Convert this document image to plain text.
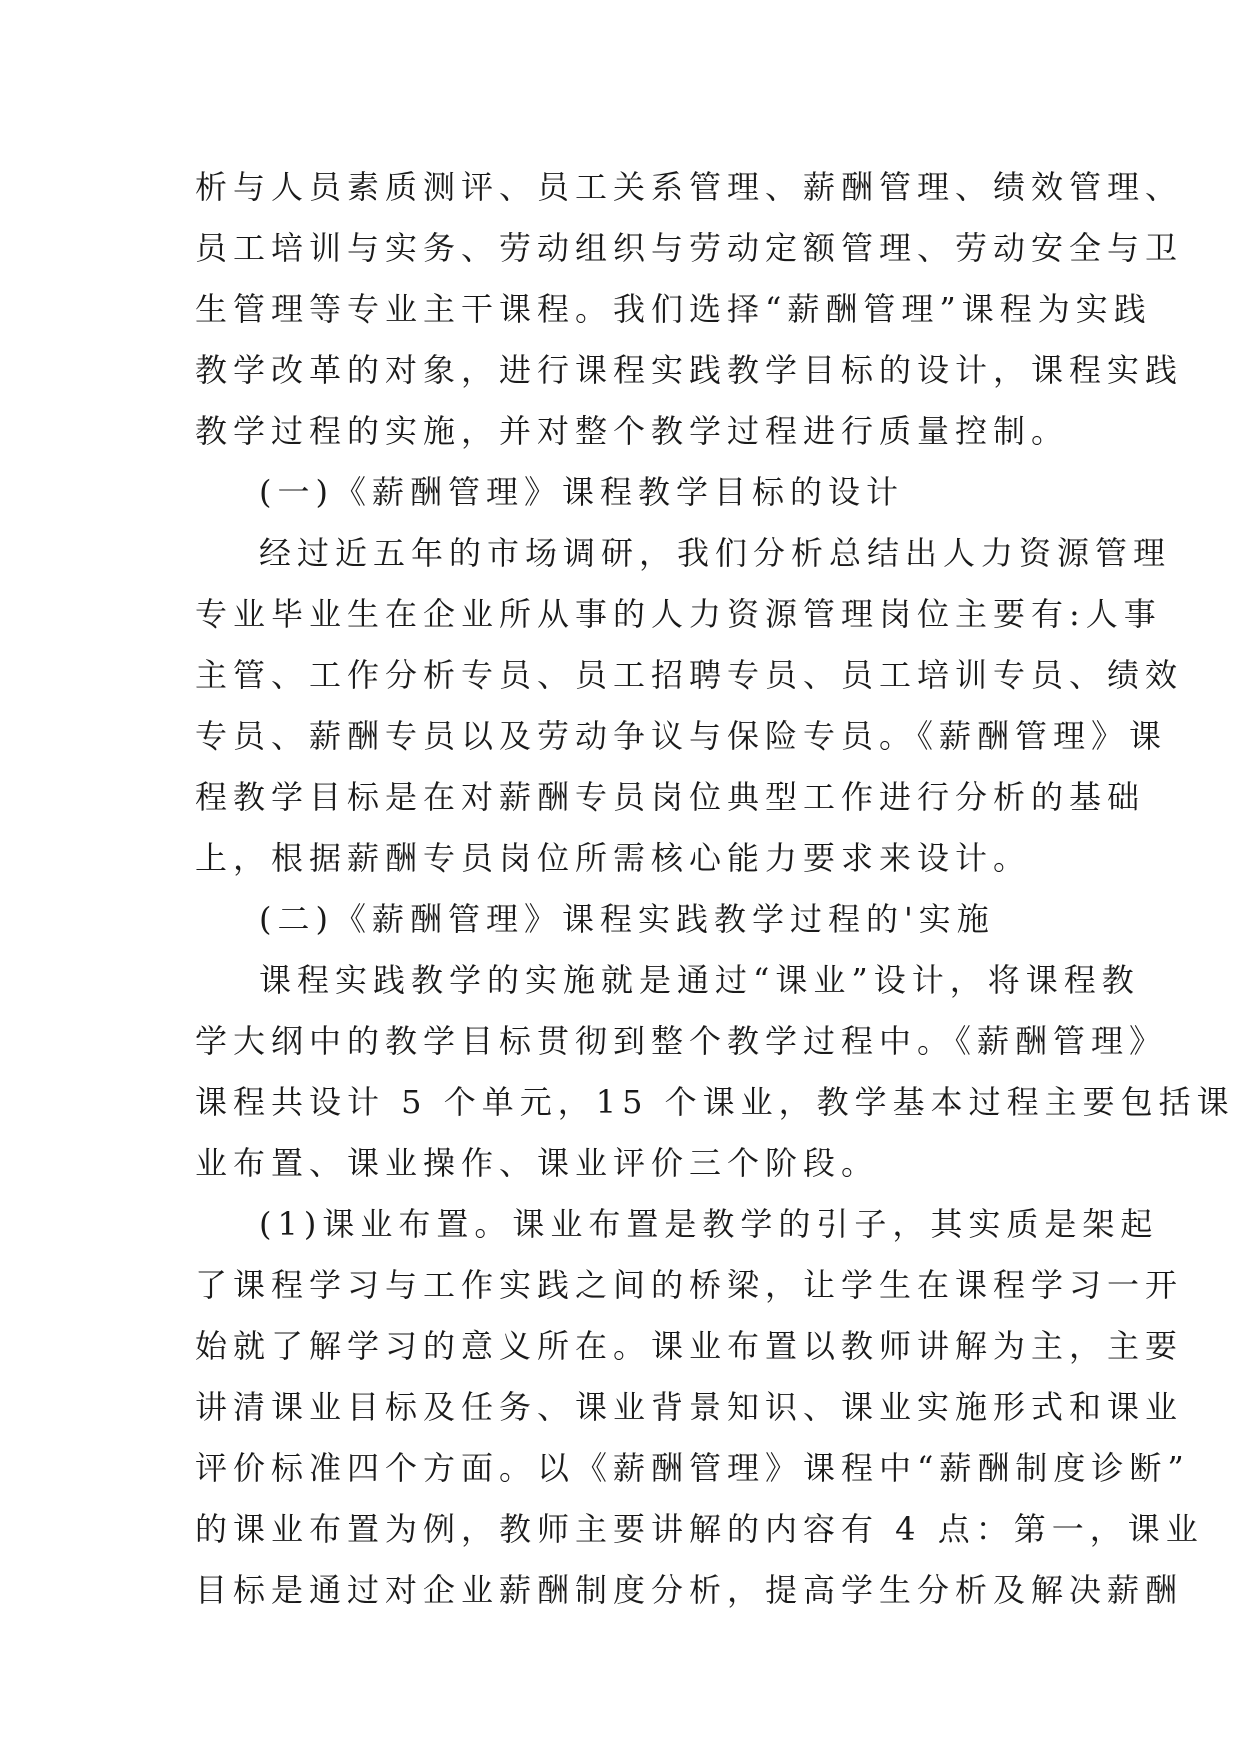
析与人员素质测评、员工关系管理、薪酬管理、绩效管理、
员工培训与实务、劳动组织与劳动定额管理、劳动安全与卫
生管理等专业主干课程。我们选择“薪酬管理”课程为实践
教学改革的对象，进行课程实践教学目标的设计，课程实践
教学过程的实施，并对整个教学过程进行质量控制。
(一)《薪酬管理》课程教学目标的设计
经过近五年的市场调研，我们分析总结出人力资源管理
专业毕业生在企业所从事的人力资源管理岗位主要有:人事
主管、工作分析专员、员工招聘专员、员工培训专员、绩效
专员、薪酬专员以及劳动争议与保险专员。《薪酬管理》课
程教学目标是在对薪酬专员岗位典型工作进行分析的基础
上，根据薪酬专员岗位所需核心能力要求来设计。
(二)《薪酬管理》课程实践教学过程的'实施
课程实践教学的实施就是通过“课业”设计，将课程教
学大纲中的教学目标贯彻到整个教学过程中。《薪酬管理》
课程共设计 5 个单元，15 个课业，教学基本过程主要包括课
业布置、课业操作、课业评价三个阶段。
(1)课业布置。课业布置是教学的引子，其实质是架起
了课程学习与工作实践之间的桥梁，让学生在课程学习一开
始就了解学习的意义所在。课业布置以教师讲解为主，主要
讲清课业目标及任务、课业背景知识、课业实施形式和课业
评价标准四个方面。以《薪酬管理》课程中“薪酬制度诊断”
的课业布置为例，教师主要讲解的内容有 4 点：第一，课业
目标是通过对企业薪酬制度分析，提高学生分析及解决薪酬
